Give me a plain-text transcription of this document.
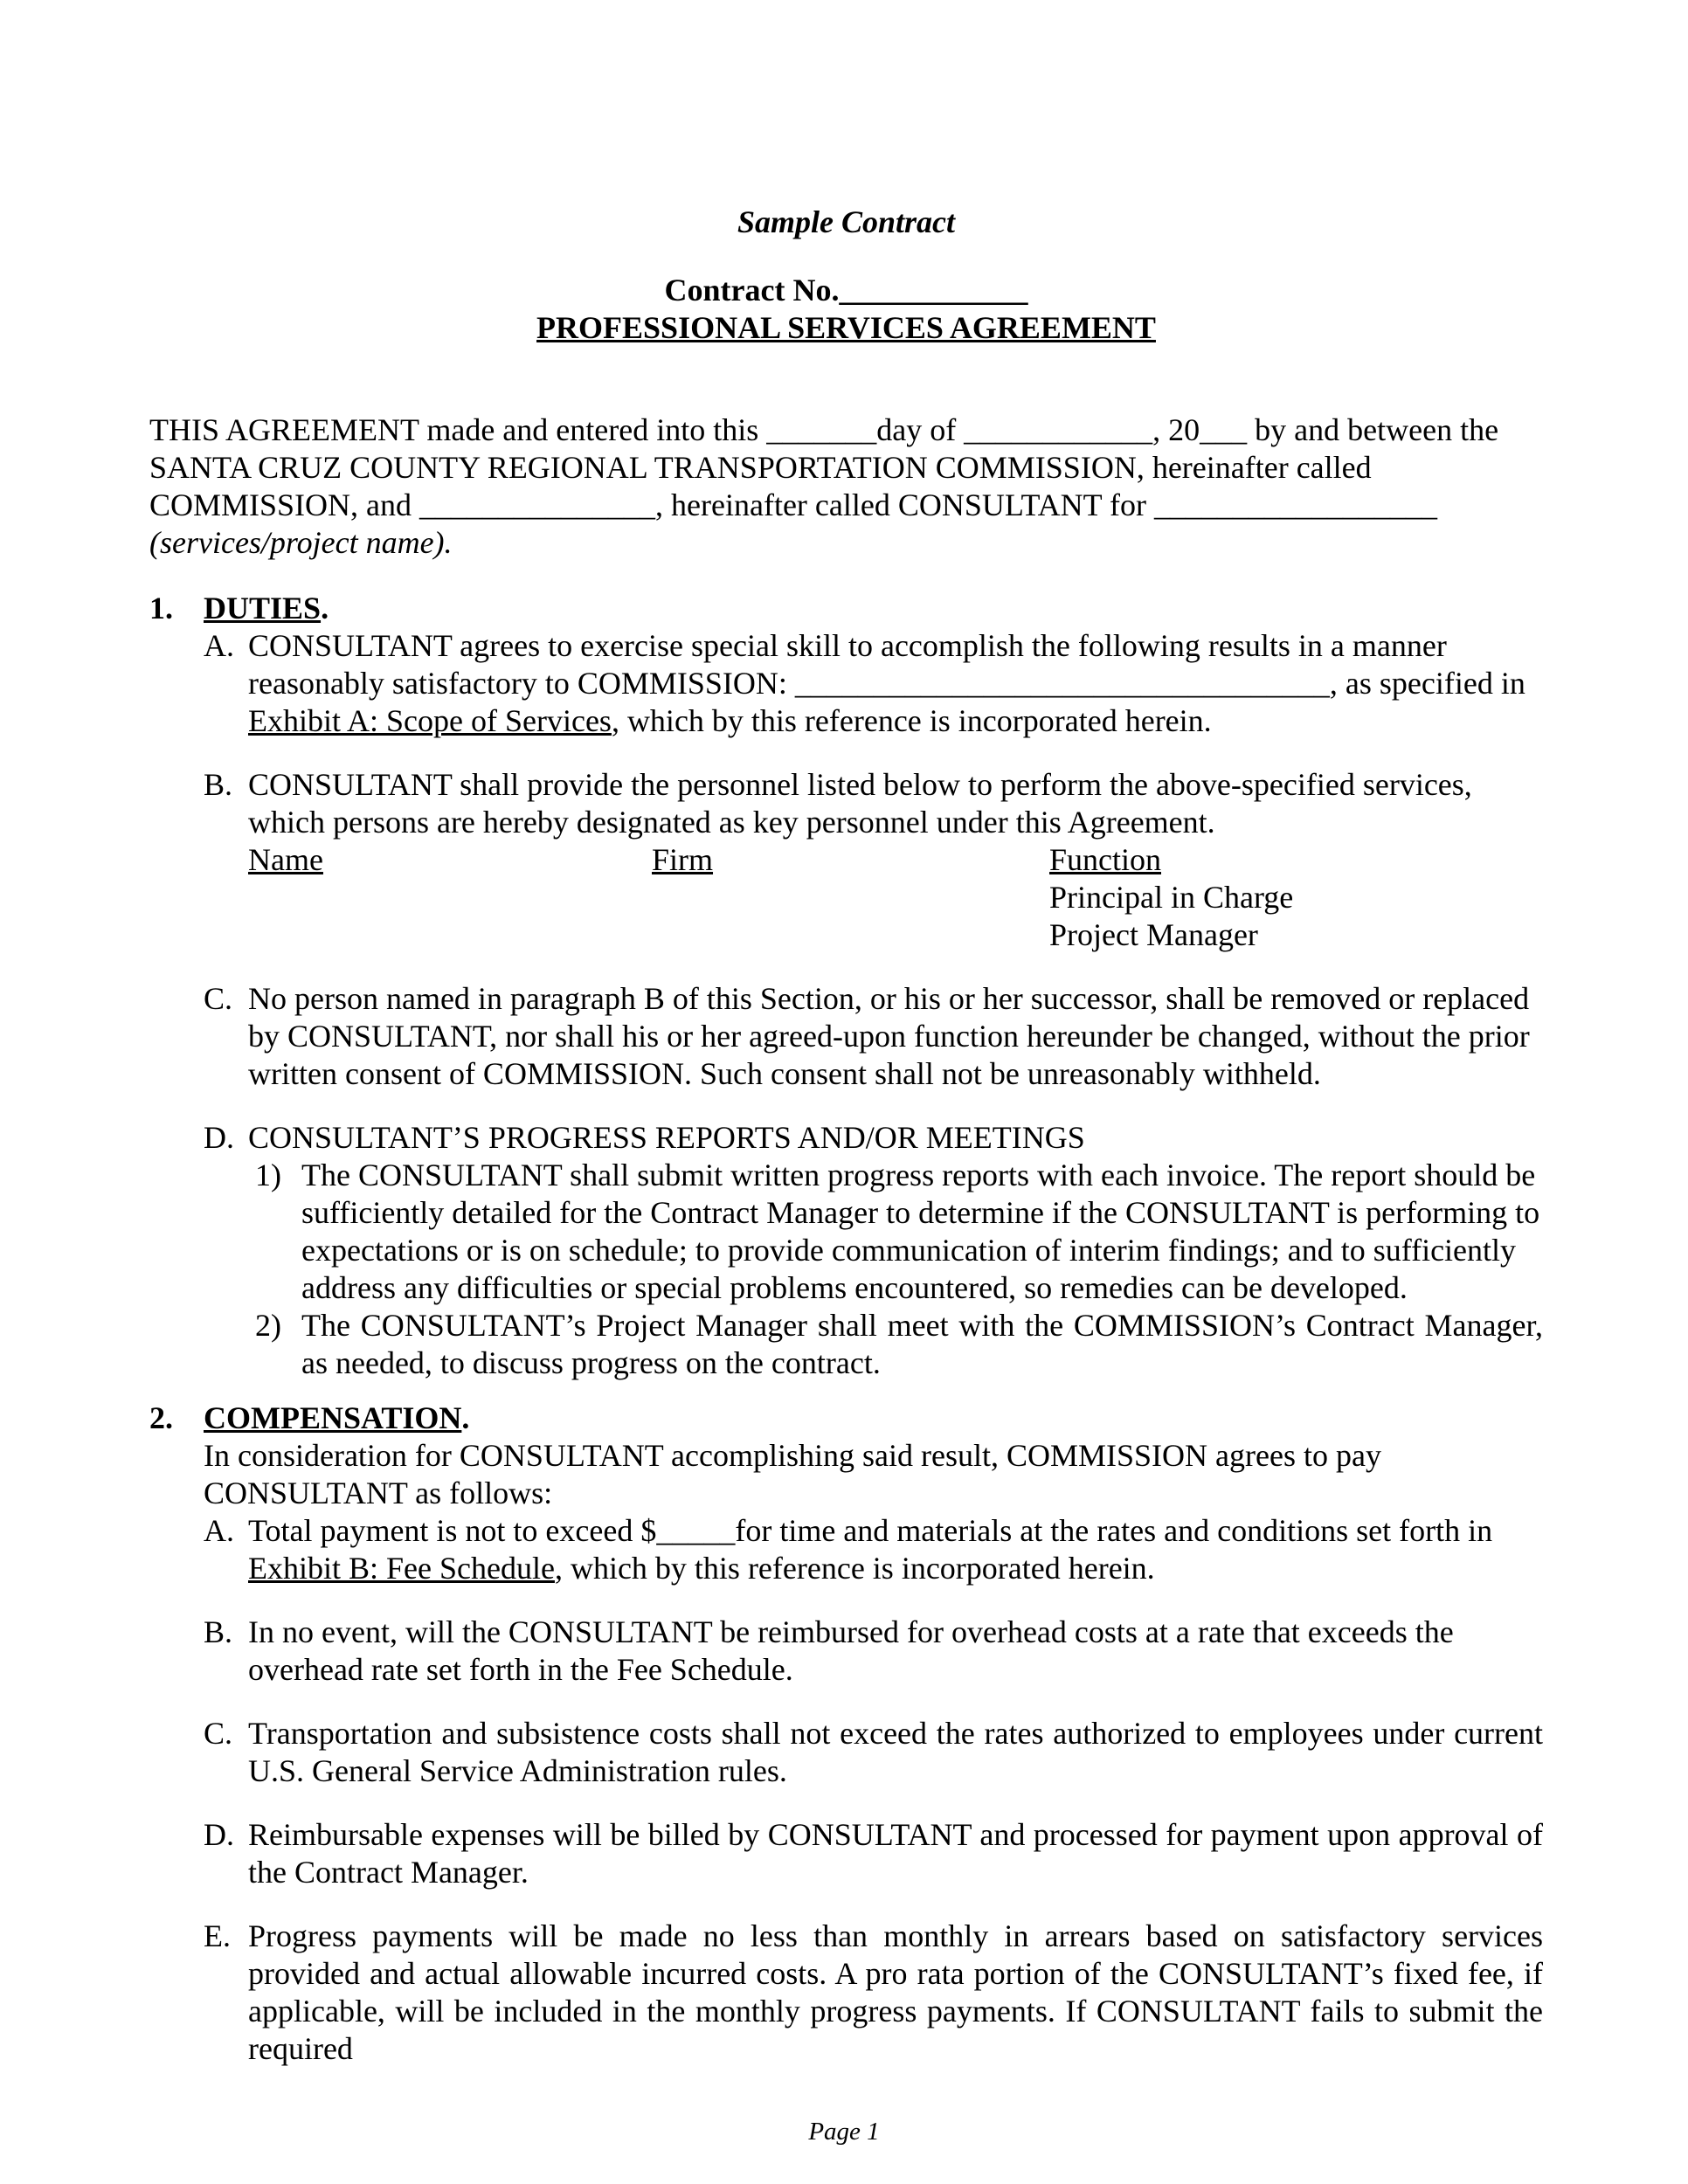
Sample Contract

Contract No.____________

PROFESSIONAL SERVICES AGREEMENT

THIS AGREEMENT made and entered into this _______day of ____________, 20___ by and between the SANTA CRUZ COUNTY REGIONAL TRANSPORTATION COMMISSION, hereinafter called COMMISSION, and _______________, hereinafter called CONSULTANT for __________________ (services/project name).

1. DUTIES.
A. CONSULTANT agrees to exercise special skill to accomplish the following results in a manner reasonably satisfactory to COMMISSION: __________________________________, as specified in Exhibit A: Scope of Services, which by this reference is incorporated herein.
B. CONSULTANT shall provide the personnel listed below to perform the above-specified services, which persons are hereby designated as key personnel under this Agreement.
Name	Firm	Function
Principal in Charge
Project Manager
C. No person named in paragraph B of this Section, or his or her successor, shall be removed or replaced by CONSULTANT, nor shall his or her agreed-upon function hereunder be changed, without the prior written consent of COMMISSION. Such consent shall not be unreasonably withheld.
D. CONSULTANT’S PROGRESS REPORTS AND/OR MEETINGS
1) The CONSULTANT shall submit written progress reports with each invoice. The report should be sufficiently detailed for the Contract Manager to determine if the CONSULTANT is performing to expectations or is on schedule; to provide communication of interim findings; and to sufficiently address any difficulties or special problems encountered, so remedies can be developed.
2) The CONSULTANT’s Project Manager shall meet with the COMMISSION’s Contract Manager, as needed, to discuss progress on the contract.
2. COMPENSATION.
In consideration for CONSULTANT accomplishing said result, COMMISSION agrees to pay CONSULTANT as follows:
A. Total payment is not to exceed $_____for time and materials at the rates and conditions set forth in Exhibit B: Fee Schedule, which by this reference is incorporated herein.
B. In no event, will the CONSULTANT be reimbursed for overhead costs at a rate that exceeds the overhead rate set forth in the Fee Schedule.
C. Transportation and subsistence costs shall not exceed the rates authorized to employees under current U.S. General Service Administration rules.
D. Reimbursable expenses will be billed by CONSULTANT and processed for payment upon approval of the Contract Manager.
E. Progress payments will be made no less than monthly in arrears based on satisfactory services provided and actual allowable incurred costs. A pro rata portion of the CONSULTANT’s fixed fee, if applicable, will be included in the monthly progress payments. If CONSULTANT fails to submit the required
Page 1
